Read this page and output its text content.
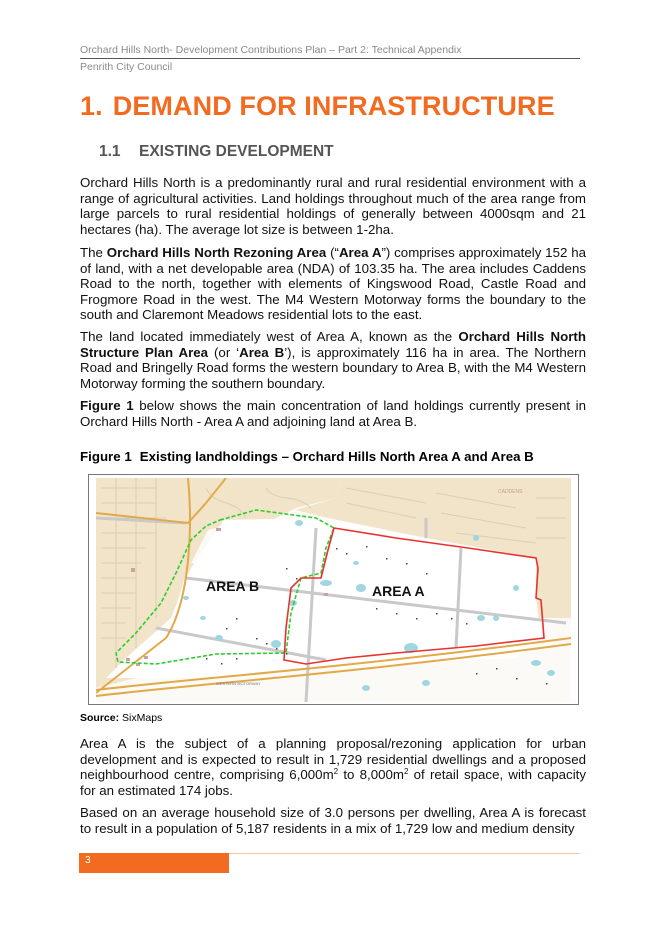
Orchard Hills North- Development Contributions Plan – Part 2: Technical Appendix
Penrith City Council
1. DEMAND FOR INFRASTRUCTURE
1.1 EXISTING DEVELOPMENT
Orchard Hills North is a predominantly rural and rural residential environment with a range of agricultural activities. Land holdings throughout much of the area range from large parcels to rural residential holdings of generally between 4000sqm and 21 hectares (ha). The average lot size is between 1-2ha.
The Orchard Hills North Rezoning Area (“Area A”) comprises approximately 152 ha of land, with a net developable area (NDA) of 103.35 ha. The area includes Caddens Road to the north, together with elements of Kingswood Road, Castle Road and Frogmore Road in the west. The M4 Western Motorway forms the boundary to the south and Claremont Meadows residential lots to the east.
The land located immediately west of Area A, known as the Orchard Hills North Structure Plan Area (or ‘Area B’), is approximately 116 ha in area. The Northern Road and Bringelly Road forms the western boundary to Area B, with the M4 Western Motorway forming the southern boundary.
Figure 1 below shows the main concentration of land holdings currently present in Orchard Hills North - Area A and adjoining land at Area B.
Figure 1 Existing landholdings – Orchard Hills North Area A and Area B
AREA B	AREA A
CADDENS
WESTERN MOTORWAY
Source: SixMaps
Area A is the subject of a planning proposal/rezoning application for urban development and is expected to result in 1,729 residential dwellings and a proposed neighbourhood centre, comprising $6,000m^2$ to $8,000m^2$ of retail space, with capacity for an estimated 174 jobs.
Based on an average household size of 3.0 persons per dwelling, Area A is forecast to result in a population of 5,187 residents in a mix of 1,729 low and medium density
3
